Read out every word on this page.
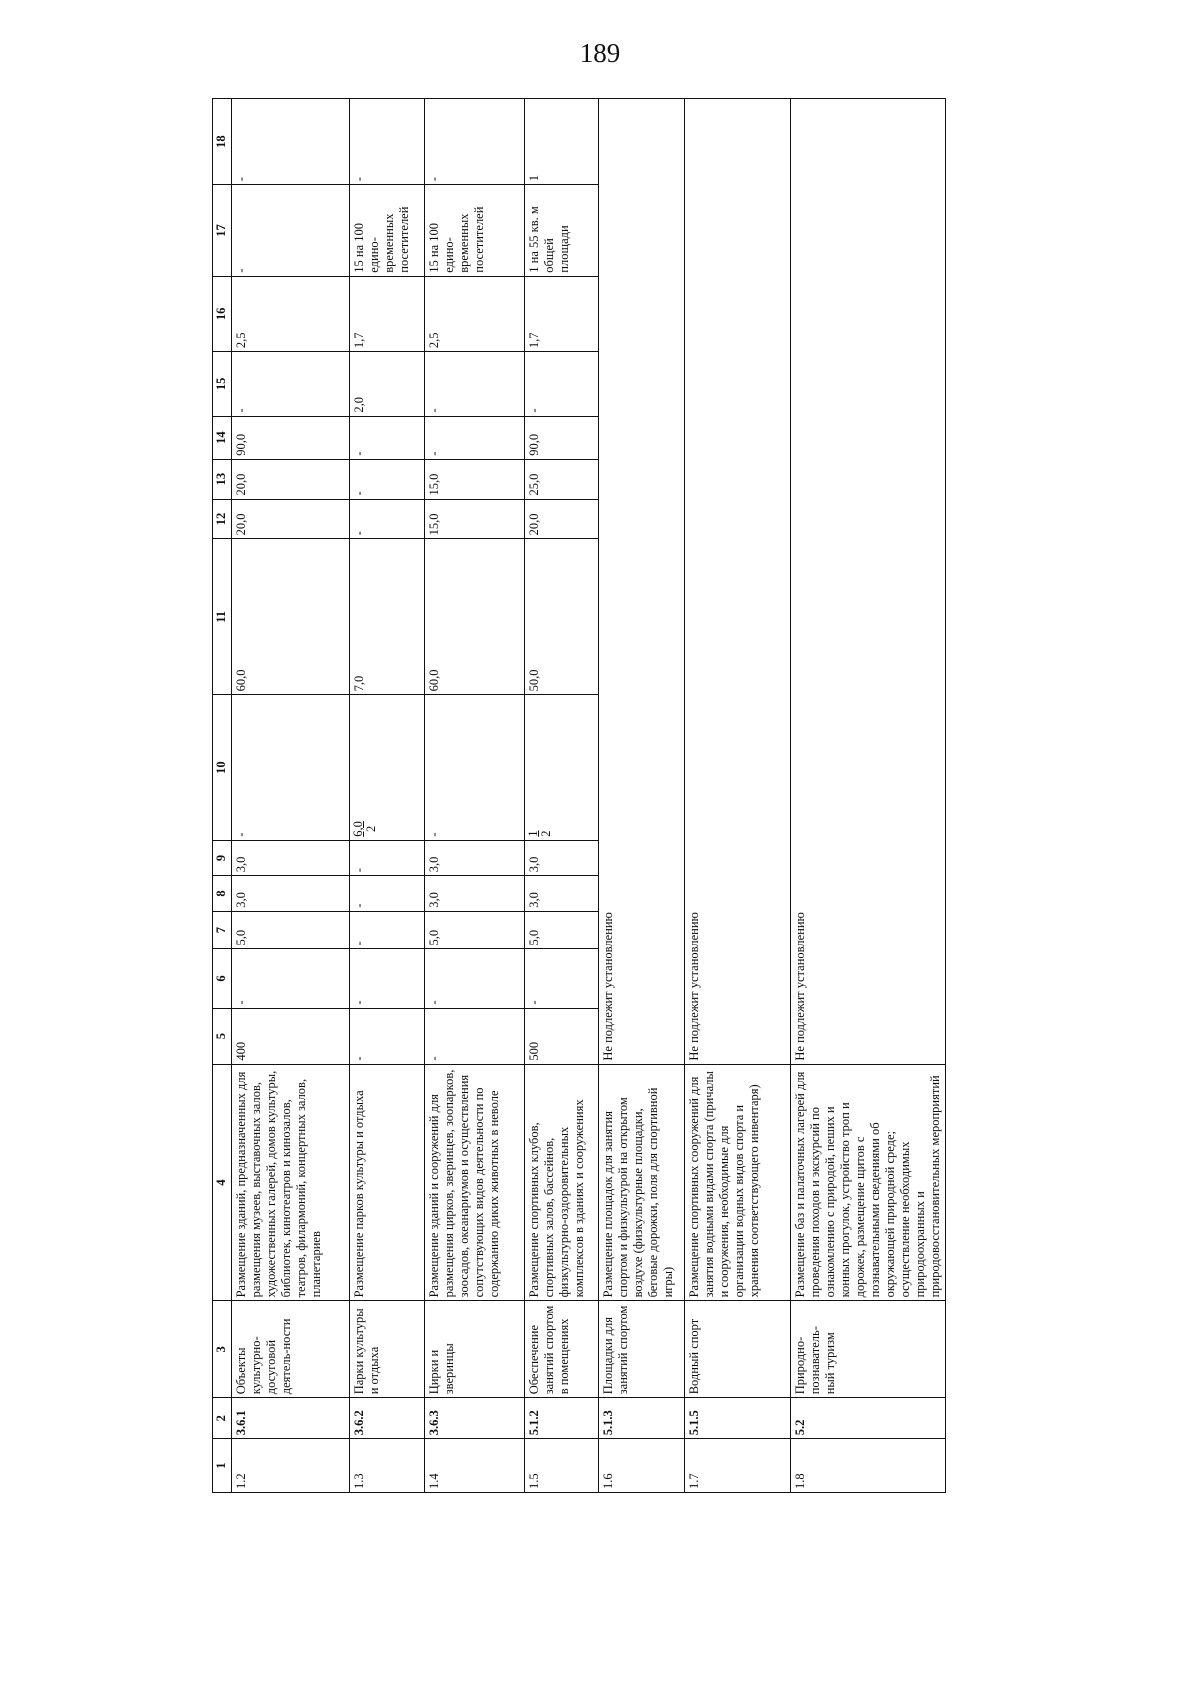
189
1	2	3	4	5	6	7	8	9	10	11	12	13	14	15	16	17	18
1.2	3.6.1	Объекты культурно-досуговой деятель-ности	Размещение зданий, предназначенных для размещения музеев, выставочных залов, художественных галерей, домов культуры, библиотек, кинотеатров и кинозалов, театров, филармоний, концертных залов, планетариев	400	-	5,0	3,0	3,0	-	60,0	20,0	20,0	90,0	-	2,5	-	-
1.3	3.6.2	Парки культуры и отдыха	Размещение парков культуры и отдыха	-	-	-	-	-	6,0 2	7,0	-	-	-	2,0	1,7	15 на 100 едино-временных посетителей	-
1.4	3.6.3	Цирки и зверинцы	Размещение зданий и сооружений для размещения цирков, зверинцев, зоопарков, зоосадов, океанариумов и осуществления сопутствующих видов деятельности по содержанию диких животных в неволе	-	-	5,0	3,0	3,0	-	60,0	15,0	15,0	-	-	2,5	15 на 100 едино-временных посетителей	-
1.5	5.1.2	Обеспечение занятий спортом в помещениях	Размещение спортивных клубов, спортивных залов, бассейнов, физкультурно-оздоровительных комплексов в зданиях и сооружениях	500	-	5,0	3,0	3,0	1 2	50,0	20,0	25,0	90,0	-	1,7	1 на 55 кв. м общей площади	1
1.6	5.1.3	Площадки для занятий спортом	Размещение площадок для занятия спортом и физкультурой на открытом воздухе (физкультурные площадки, беговые дорожки, поля для спортивной игры)	Не подлежит установлению													
1.7	5.1.5	Водный спорт	Размещение спортивных сооружений для занятия водными видами спорта (причалы и сооружения, необходимые для организации водных видов спорта и хранения соответствующего инвентаря)	Не подлежит установлению													
1.8	5.2	Природно-познаватель-ный туризм	Размещение баз и палаточных лагерей для проведения походов и экскурсий по ознакомлению с природой, пеших и конных прогулок, устройство троп и дорожек, размещение щитов с познавательными сведениями об окружающей природной среде; осуществление необходимых природоохранных и природовосстановительных мероприятий	Не подлежит установлению													
